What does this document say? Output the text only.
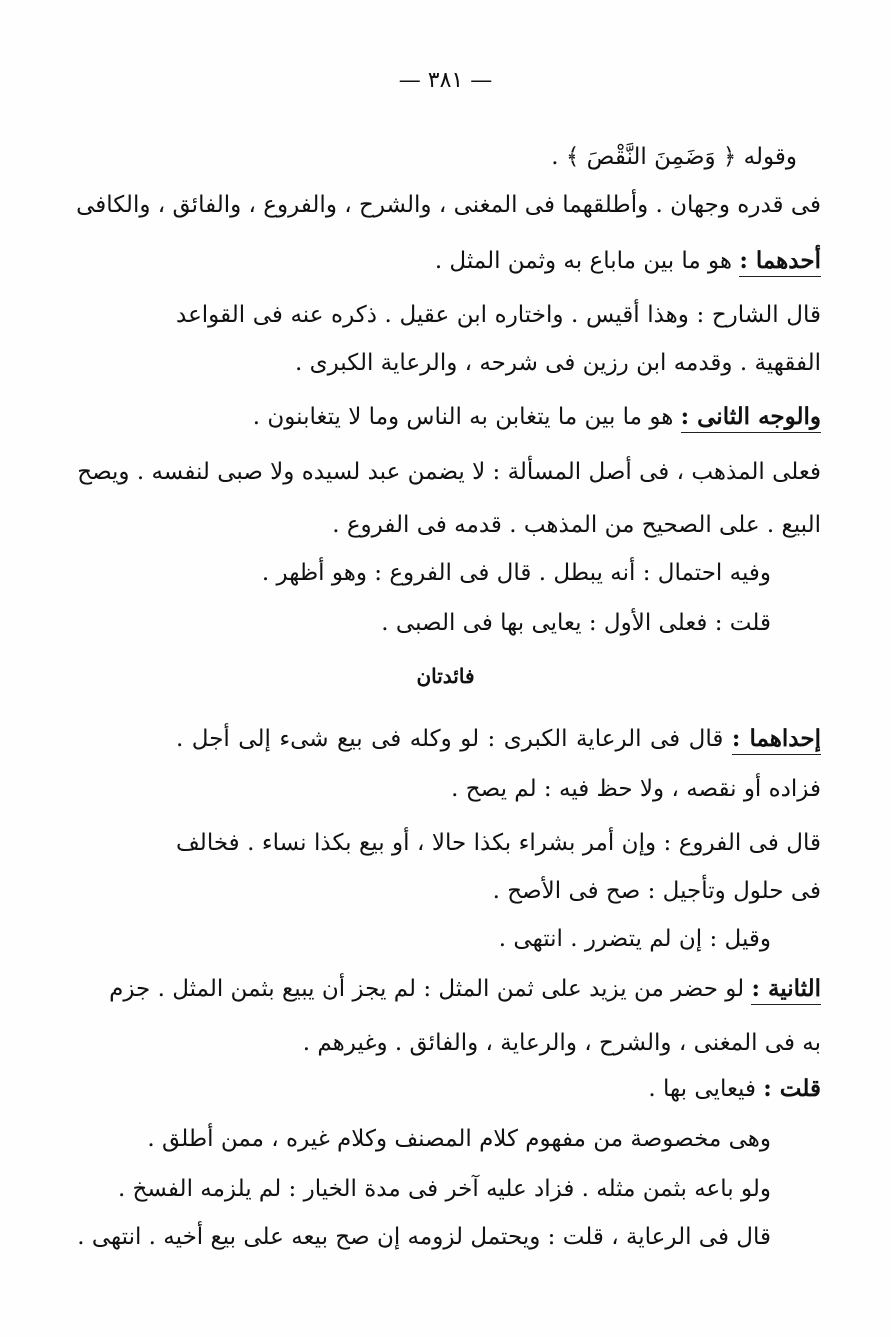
— ٣٨١ —
وقوله ﴿ وَضَمِنَ النَّقْصَ ﴾ .
فى قدره وجهان . وأطلقهما فى المغنى ، والشرح ، والفروع ، والفائق ، والكافى
أحدهما : هو ما بين ماباع به وثمن المثل .
قال الشارح : وهذا أقيس . واختاره ابن عقيل . ذكره عنه فى القواعد
الفقهية . وقدمه ابن رزين فى شرحه ، والرعاية الكبرى .
والوجه الثانى : هو ما بين ما يتغابن به الناس وما لا يتغابنون .
فعلى المذهب ، فى أصل المسألة : لا يضمن عبد لسيده ولا صبى لنفسه . ويصح
البيع . على الصحيح من المذهب . قدمه فى الفروع .
وفيه احتمال : أنه يبطل . قال فى الفروع : وهو أظهر .
قلت : فعلى الأول : يعايى بها فى الصبى .
فائدتان
إحداهما : قال فى الرعاية الكبرى : لو وكله فى بيع شىء إلى أجل .
فزاده أو نقصه ، ولا حظ فيه : لم يصح .
قال فى الفروع : وإن أمر بشراء بكذا حالا ، أو بيع بكذا نساء . فخالف
فى حلول وتأجيل : صح فى الأصح .
وقيل : إن لم يتضرر . انتهى .
الثانية : لو حضر من يزيد على ثمن المثل : لم يجز أن يبيع بثمن المثل . جزم
به فى المغنى ، والشرح ، والرعاية ، والفائق . وغيرهم .
قلت : فيعايى بها .
وهى مخصوصة من مفهوم كلام المصنف وكلام غيره ، ممن أطلق .
ولو باعه بثمن مثله . فزاد عليه آخر فى مدة الخيار : لم يلزمه الفسخ .
قال فى الرعاية ، قلت : ويحتمل لزومه إن صح بيعه على بيع أخيه . انتهى .
